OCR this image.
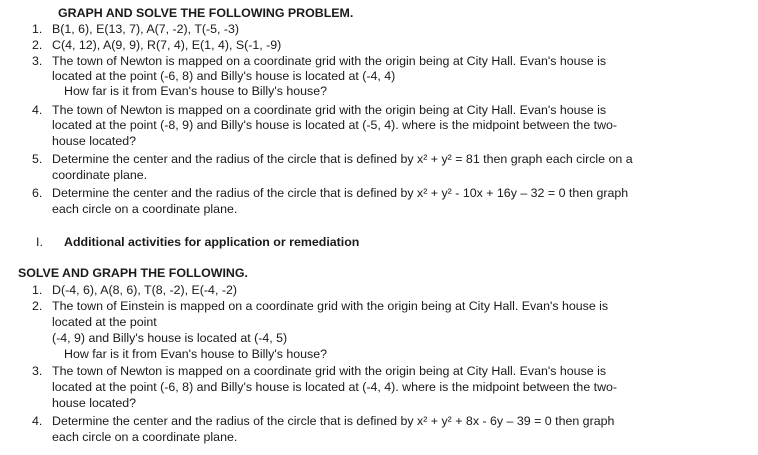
GRAPH AND SOLVE THE FOLLOWING PROBLEM.
1. B(1, 6), E(13, 7), A(7, -2), T(-5, -3)
2. C(4, 12), A(9, 9), R(7, 4), E(1, 4), S(-1, -9)
3. The town of Newton is mapped on a coordinate grid with the origin being at City Hall. Evan's house is
located at the point (-6, 8) and Billy's house is located at (-4, 4)
How far is it from Evan's house to Billy's house?
4. The town of Newton is mapped on a coordinate grid with the origin being at City Hall. Evan's house is
located at the point (-8, 9) and Billy's house is located at (-5, 4). where is the midpoint between the two-
house located?
5. Determine the center and the radius of the circle that is defined by x² + y² = 81 then graph each circle on a
coordinate plane.
6. Determine the center and the radius of the circle that is defined by x² + y² - 10x + 16y – 32 = 0 then graph
each circle on a coordinate plane.
I. Additional activities for application or remediation
SOLVE AND GRAPH THE FOLLOWING.
1. D(-4, 6), A(8, 6), T(8, -2), E(-4, -2)
2. The town of Einstein is mapped on a coordinate grid with the origin being at City Hall. Evan's house is
located at the point
(-4, 9) and Billy's house is located at (-4, 5)
How far is it from Evan's house to Billy's house?
3. The town of Newton is mapped on a coordinate grid with the origin being at City Hall. Evan's house is
located at the point (-6, 8) and Billy's house is located at (-4, 4). where is the midpoint between the two-
house located?
4. Determine the center and the radius of the circle that is defined by x² + y² + 8x - 6y – 39 = 0 then graph
each circle on a coordinate plane.
